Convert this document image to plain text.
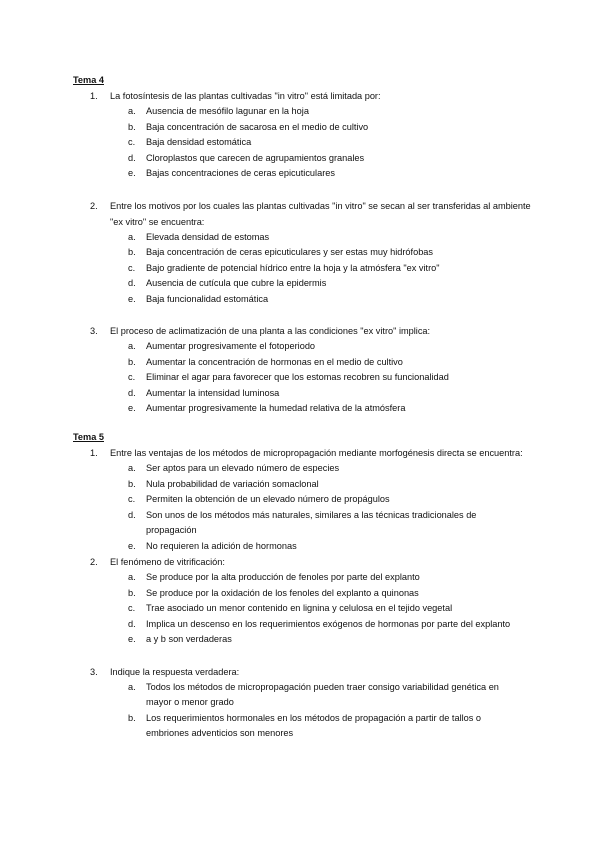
Tema 4
1. La fotosíntesis de las plantas cultivadas "in vitro" está limitada por:
a. Ausencia de mesófilo lagunar en la hoja
b. Baja concentración de sacarosa en el medio de cultivo
c. Baja densidad estomática
d. Cloroplastos que carecen de agrupamientos granales
e. Bajas concentraciones de ceras epicuticulares
2. Entre los motivos por los cuales las plantas cultivadas "in vitro" se secan al ser transferidas al ambiente "ex vitro" se encuentra:
a. Elevada densidad de estomas
b. Baja concentración de ceras epicuticulares y ser estas muy hidrófobas
c. Bajo gradiente de potencial hídrico entre la hoja y la atmósfera "ex vitro"
d. Ausencia de cutícula que cubre la epidermis
e. Baja funcionalidad estomática
3. El proceso de aclimatización de una planta a las condiciones "ex vitro" implica:
a. Aumentar progresivamente el fotoperiodo
b. Aumentar la concentración de hormonas en el medio de cultivo
c. Eliminar el agar para favorecer que los estomas recobren su funcionalidad
d. Aumentar la intensidad luminosa
e. Aumentar progresivamente la humedad relativa de la atmósfera
Tema 5
1. Entre las ventajas de los métodos de micropropagación mediante morfogénesis directa se encuentra:
a. Ser aptos para un elevado número de especies
b. Nula probabilidad de variación somaclonal
c. Permiten la obtención de un elevado número de propágulos
d. Son unos de los métodos más naturales, similares a las técnicas tradicionales de propagación
e. No requieren la adición de hormonas
2. El fenómeno de vitrificación:
a. Se produce por la alta producción de fenoles por parte del explanto
b. Se produce por la oxidación de los fenoles del explanto a quinonas
c. Trae asociado un menor contenido en lignina y celulosa en el tejido vegetal
d. Implica un descenso en los requerimientos exógenos de hormonas por parte del explanto
e. a y b son verdaderas
3. Indique la respuesta verdadera:
a. Todos los métodos de micropropagación pueden traer consigo variabilidad genética en mayor o menor grado
b. Los requerimientos hormonales en los métodos de propagación a partir de tallos o embriones adventicios son menores
